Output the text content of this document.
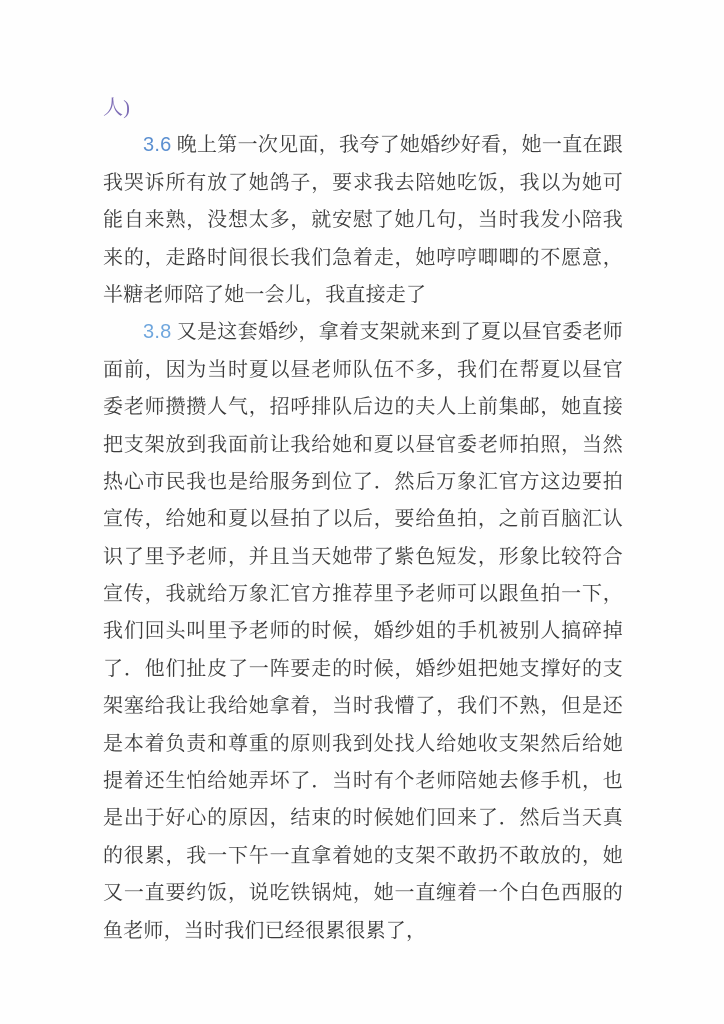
人)

3.6 晚上第一次见面，我夸了她婚纱好看，她一直在跟我哭诉所有放了她鸽子，要求我去陪她吃饭，我以为她可能自来熟，没想太多，就安慰了她几句，当时我发小陪我来的，走路时间很长我们急着走，她哼哼唧唧的不愿意，半糖老师陪了她一会儿，我直接走了

3.8 又是这套婚纱，拿着支架就来到了夏以昼官委老师面前，因为当时夏以昼老师队伍不多，我们在帮夏以昼官委老师攒攒人气，招呼排队后边的夫人上前集邮，她直接把支架放到我面前让我给她和夏以昼官委老师拍照，当然热心市民我也是给服务到位了．然后万象汇官方这边要拍宣传，给她和夏以昼拍了以后，要给鱼拍，之前百脑汇认识了里予老师，并且当天她带了紫色短发，形象比较符合宣传，我就给万象汇官方推荐里予老师可以跟鱼拍一下，我们回头叫里予老师的时候，婚纱姐的手机被别人搞碎掉了．他们扯皮了一阵要走的时候，婚纱姐把她支撑好的支架塞给我让我给她拿着，当时我懵了，我们不熟，但是还是本着负责和尊重的原则我到处找人给她收支架然后给她提着还生怕给她弄坏了．当时有个老师陪她去修手机，也是出于好心的原因，结束的时候她们回来了．然后当天真的很累，我一下午一直拿着她的支架不敢扔不敢放的，她又一直要约饭，说吃铁锅炖，她一直缠着一个白色西服的鱼老师，当时我们已经很累很累了，
